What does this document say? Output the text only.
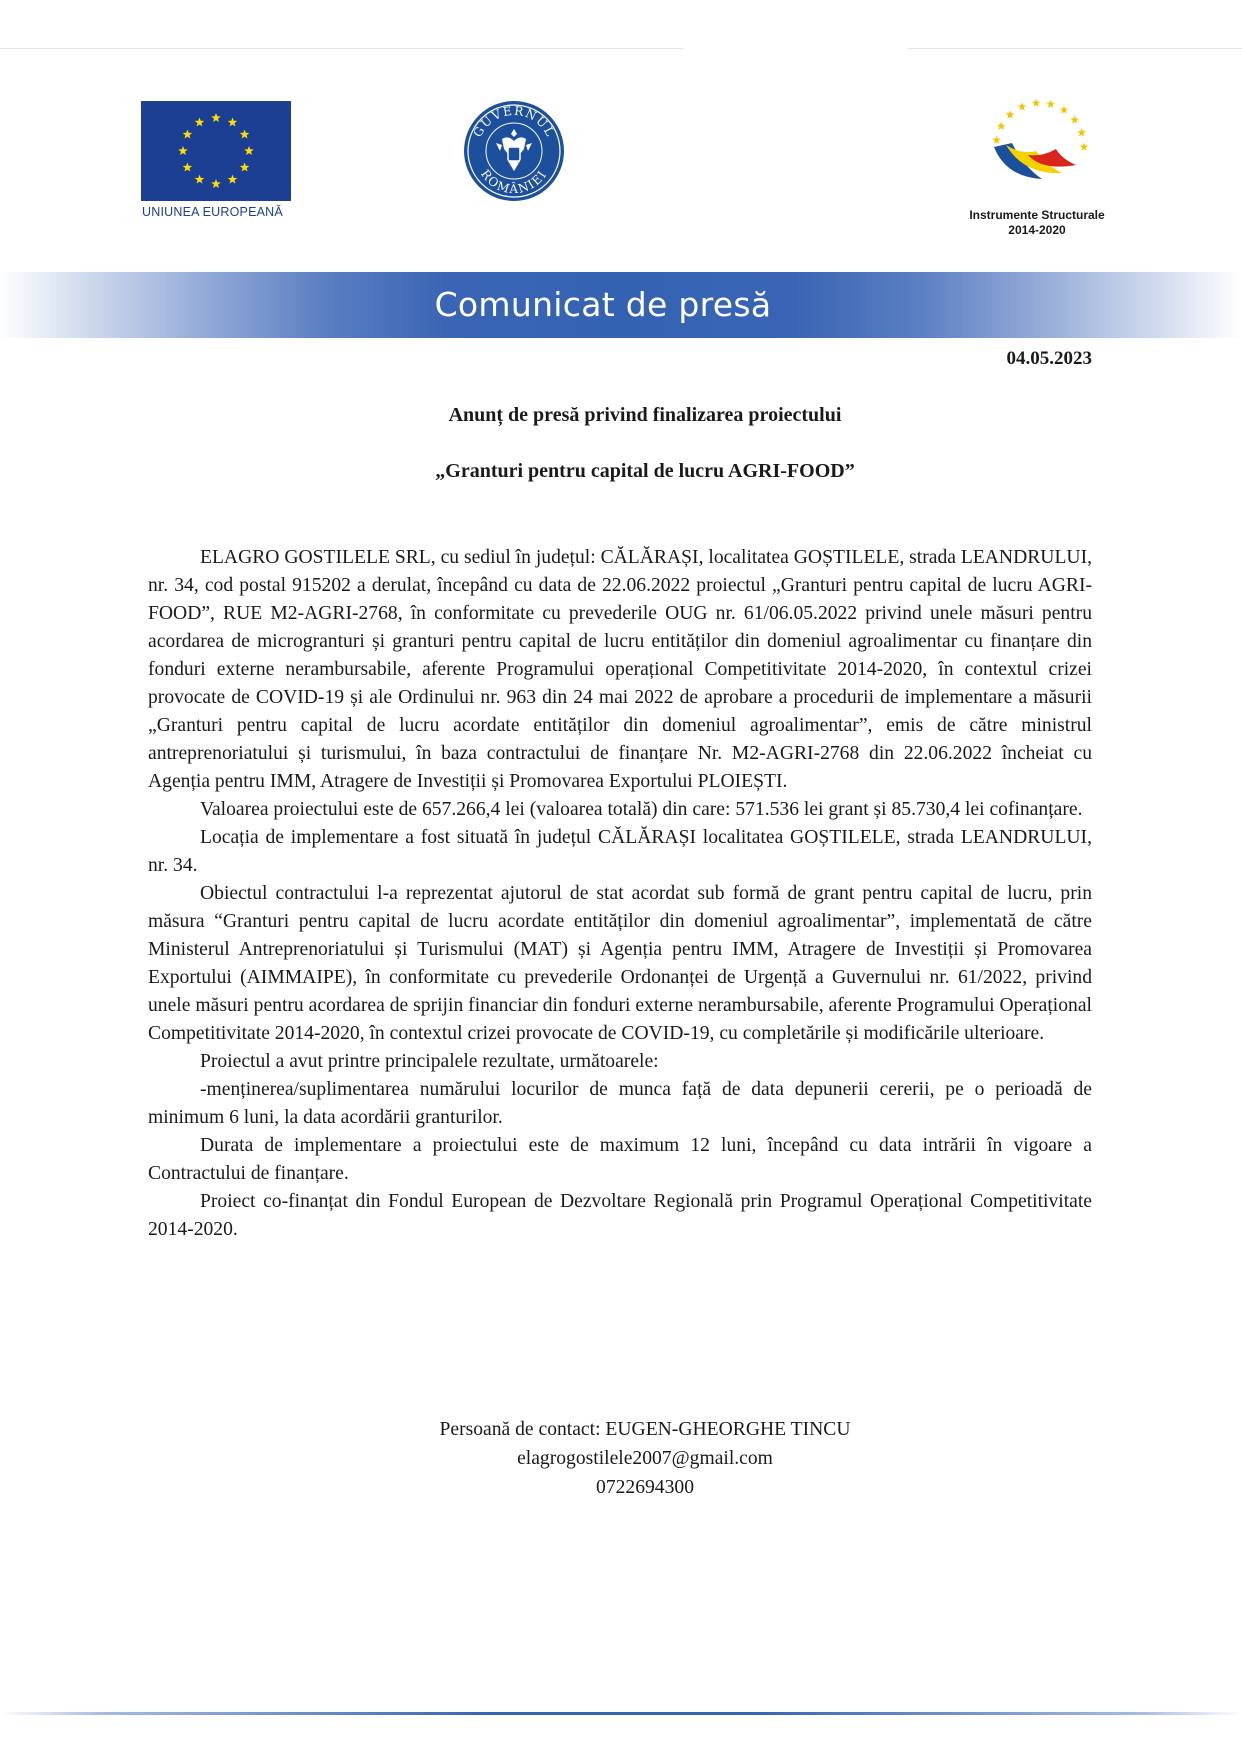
UNIUNEA EUROPEANĂ
GUVERNUL
ROMÂNIEI
Instrumente Structurale
2014-2020
Comunicat de presă
04.05.2023
Anunț de presă privind finalizarea proiectului
„Granturi pentru capital de lucru AGRI-FOOD”

ELAGRO GOSTILELE SRL, cu sediul în județul: CĂLĂRAȘI, localitatea GOȘTILELE, strada LEANDRULUI, nr. 34, cod postal 915202 a derulat, începând cu data de 22.06.2022 proiectul „Granturi pentru capital de lucru AGRI-FOOD”, RUE M2-AGRI-2768, în conformitate cu prevederile OUG nr. 61/06.05.2022 privind unele măsuri pentru acordarea de microgranturi și granturi pentru capital de lucru entităților din domeniul agroalimentar cu finanțare din fonduri externe nerambursabile, aferente Programului operațional Competitivitate 2014-2020, în contextul crizei provocate de COVID-19 și ale Ordinului nr. 963 din 24 mai 2022 de aprobare a procedurii de implementare a măsurii „Granturi pentru capital de lucru acordate entităților din domeniul agroalimentar”, emis de către ministrul antreprenoriatului și turismului, în baza contractului de finanțare Nr. M2-AGRI-2768 din 22.06.2022 încheiat cu Agenția pentru IMM, Atragere de Investiții și Promovarea Exportului PLOIEȘTI.

Valoarea proiectului este de 657.266,4 lei (valoarea totală) din care: 571.536 lei grant și 85.730,4 lei cofinanțare.

Locația de implementare a fost situată în județul CĂLĂRAȘI localitatea GOȘTILELE, strada LEANDRULUI, nr. 34.

Obiectul contractului l-a reprezentat ajutorul de stat acordat sub formă de grant pentru capital de lucru, prin măsura “Granturi pentru capital de lucru acordate entităților din domeniul agroalimentar”, implementată de către Ministerul Antreprenoriatului și Turismului (MAT) și Agenția pentru IMM, Atragere de Investiții și Promovarea Exportului (AIMMAIPE), în conformitate cu prevederile Ordonanței de Urgență a Guvernului nr. 61/2022, privind unele măsuri pentru acordarea de sprijin financiar din fonduri externe nerambursabile, aferente Programului Operațional Competitivitate 2014-2020, în contextul crizei provocate de COVID-19, cu completările și modificările ulterioare.

Proiectul a avut printre principalele rezultate, următoarele:

-menținerea/suplimentarea numărului locurilor de munca față de data depunerii cererii, pe o perioadă de minimum 6 luni, la data acordării granturilor.

Durata de implementare a proiectului este de maximum 12 luni, începând cu data intrării în vigoare a Contractului de finanțare.

Proiect co-finanțat din Fondul European de Dezvoltare Regională prin Programul Operațional Competitivitate 2014-2020.

Persoană de contact: EUGEN-GHEORGHE TINCU
elagrogostilele2007@gmail.com
0722694300
